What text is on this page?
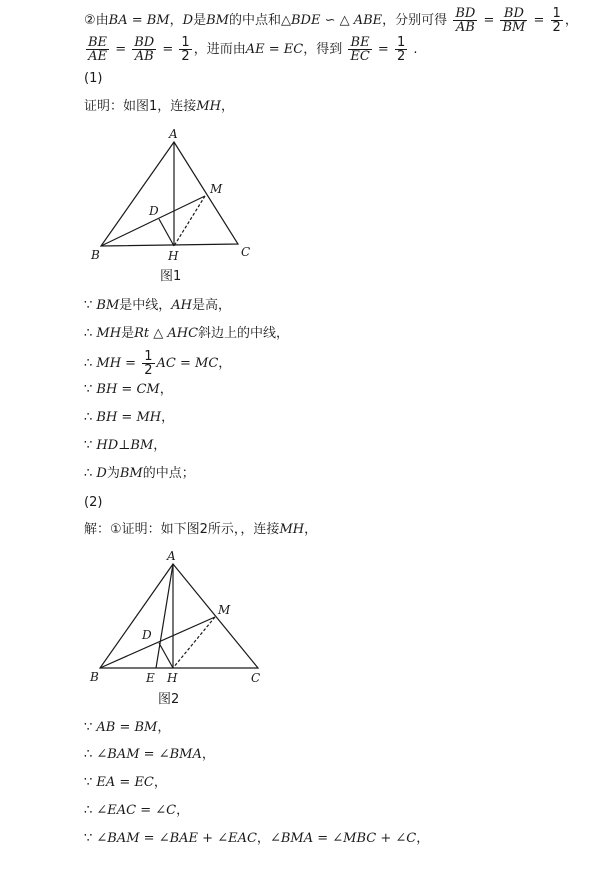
②由BA = BM，D是BM的中点和△BDE ∽ △ ABE，分别可得 $\frac{BD}{AB} = \frac{BD}{BM} = \frac{1}{2}$ ，
$\frac{BE}{AE} = \frac{BD}{AB} = \frac{1}{2}$ ，进而由AE = EC，得到 $\frac{BE}{EC} = \frac{1}{2}$ .
(1)
证明：如图1，连接MH，
A
M
D
B	H	C
图1
∵ BM是中线，AH是高，
∴ MH是Rt △ AHC斜边上的中线，
∴ MH = $\frac{1}{2}$ AC = MC，
∵ BH = CM，
∴ BH = MH，
∵ HD⊥BM，
∴ D为BM的中点；
(2)
解：①证明：如下图2所示，，连接MH，
A
M
D
B	E H	C
图2
∵ AB = BM，
∴ ∠BAM = ∠BMA，
∵ EA = EC，
∴ ∠EAC = ∠C，
∵ ∠BAM = ∠BAE + ∠EAC，∠BMA = ∠MBC + ∠C，
